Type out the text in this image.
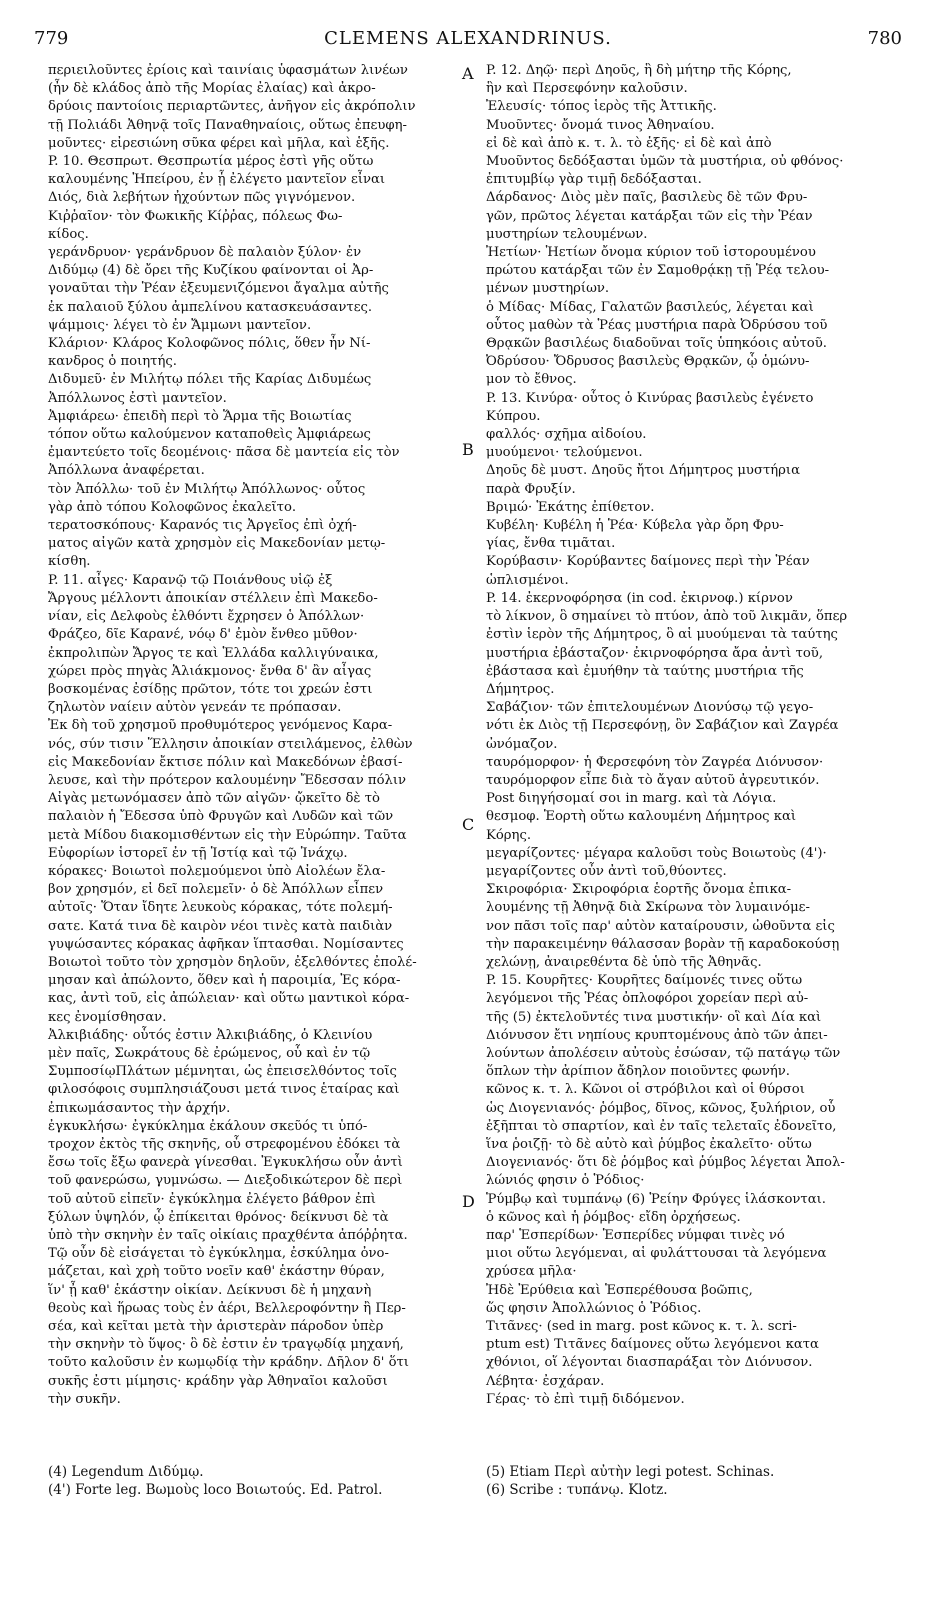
779	CLEMENS ALEXANDRINUS.	780

περιειλοῦντες ἐρίοις καὶ ταινίαις ὑφασμάτων λινέων

(ἦν δὲ κλάδος ἀπὸ τῆς Μορίας ἐλαίας) καὶ ἀκρο-

δρύοις παντοίοις περιαρτῶντες, ἀνῆγον εἰς ἀκρόπολιν

τῇ Πολιάδι Ἀθηνᾷ τοῖς Παναθηναίοις, οὕτως ἐπευφη-

μοῦντες· εἰρεσιώνη σῦκα φέρει καὶ μῆλα, καὶ ἑξῆς.

P. 10. Θεσπρωτ. Θεσπρωτία μέρος ἐστὶ γῆς οὕτω

καλουμένης Ἠπείρου, ἐν ᾗ ἐλέγετο μαντεῖον εἶναι

Διός, διὰ λεβήτων ἠχούντων πῶς γιγνόμενον.

Κιῤῥαῖον· τὸν Φωκικῆς Κίῤῥας, πόλεως Φω-

κίδος.

γεράνδρυον· γεράνδρυον δὲ παλαιὸν ξύλον· ἐν

Διδύμῳ (4) δὲ ὄρει τῆς Κυζίκου φαίνονται οἱ Ἀρ-

γοναῦται τὴν Ῥέαν ἐξευμενιζόμενοι ἄγαλμα αὐτῆς

ἐκ παλαιοῦ ξύλου ἀμπελίνου κατασκευάσαντες.

ψάμμοις· λέγει τὸ ἐν Ἄμμωνι μαντεῖον.

Κλάριον· Κλάρος Κολοφῶνος πόλις, ὅθεν ἦν Νί-

κανδρος ὁ ποιητής.

Διδυμεῦ· ἐν Μιλήτῳ πόλει τῆς Καρίας Διδυμέως

Ἀπόλλωνος ἐστὶ μαντεῖον.

Ἀμφιάρεω· ἐπειδὴ περὶ τὸ Ἅρμα τῆς Βοιωτίας

τόπον οὕτω καλούμενον καταποθεὶς Ἀμφιάρεως

ἐμαντεύετο τοῖς δεομένοις· πᾶσα δὲ μαντεία εἰς τὸν

Ἀπόλλωνα ἀναφέρεται.

τὸν Ἀπόλλω· τοῦ ἐν Μιλήτῳ Ἀπόλλωνος· οὗτος

γὰρ ἀπὸ τόπου Κολοφῶνος ἐκαλεῖτο.

τερατοσκόπους· Καρανός τις Ἀργεῖος ἐπὶ ὀχή-

ματος αἰγῶν κατὰ χρησμὸν εἰς Μακεδονίαν μετῳ-

κίσθη.

P. 11. αἶγες· Καρανῷ τῷ Ποιάνθους υἱῷ ἐξ

Ἄργους μέλλοντι ἀποικίαν στέλλειν ἐπὶ Μακεδο-

νίαν, εἰς Δελφοὺς ἐλθόντι ἔχρησεν ὁ Ἀπόλλων·

Φράζεο, δῖε Καρανέ, νόῳ δ' ἐμὸν ἔνθεο μῦθον·

ἐκπρολιπὼν Ἄργος τε καὶ Ἑλλάδα καλλιγύναικα,

χώρει πρὸς πηγὰς Ἁλιάκμονος· ἔνθα δ' ἂν αἶγας

βοσκομένας ἐσίδῃς πρῶτον, τότε τοι χρεών ἐστι

ζηλωτὸν ναίειν αὐτὸν γενεάν τε πρόπασαν.

Ἐκ δὴ τοῦ χρησμοῦ προθυμότερος γενόμενος Καρα-

νός, σύν τισιν Ἕλλησιν ἀποικίαν στειλάμενος, ἐλθὼν

εἰς Μακεδονίαν ἔκτισε πόλιν καὶ Μακεδόνων ἐβασί-

λευσε, καὶ τὴν πρότερον καλουμένην Ἔδεσσαν πόλιν

Αἰγὰς μετωνόμασεν ἀπὸ τῶν αἰγῶν· ᾤκεῖτο δὲ τὸ

παλαιὸν ἡ Ἔδεσσα ὑπὸ Φρυγῶν καὶ Λυδῶν καὶ τῶν

μετὰ Μίδου διακομισθέντων εἰς τὴν Εὐρώπην. Ταῦτα

Εὐφορίων ἱστορεῖ ἐν τῇ Ἱστίᾳ καὶ τῷ Ἰνάχῳ.

κόρακες· Βοιωτοὶ πολεμούμενοι ὑπὸ Αἰολέων ἔλα-

βον χρησμόν, εἰ δεῖ πολεμεῖν· ὁ δὲ Ἀπόλλων εἶπεν

αὐτοῖς· Ὅταν ἴδητε λευκοὺς κόρακας, τότε πολεμή-

σατε. Κατά τινα δὲ καιρὸν νέοι τινὲς κατὰ παιδιὰν

γυψώσαντες κόρακας ἀφῆκαν ἵπτασθαι. Νομίσαντες

Βοιωτοὶ τοῦτο τὸν χρησμὸν δηλοῦν, ἐξελθόντες ἐπολέ-

μησαν καὶ ἀπώλοντο, ὅθεν καὶ ἡ παροιμία, Ἐς κόρα-

κας, ἀντὶ τοῦ, εἰς ἀπώλειαν· καὶ οὕτω μαντικοὶ κόρα-

κες ἐνομίσθησαν.

Ἀλκιβιάδης· οὗτός ἐστιν Ἀλκιβιάδης, ὁ Κλεινίου

μὲν παῖς, Σωκράτους δὲ ἐρώμενος, οὗ καὶ ἐν τῷ

ΣυμποσίῳΠλάτων μέμνηται, ὡς ἐπεισελθόντος τοῖς

φιλοσόφοις συμπλησιάζουσι μετά τινος ἑταίρας καὶ

ἐπικωμάσαντος τὴν ἀρχήν.

ἐγκυκλήσω· ἐγκύκλημα ἐκάλουν σκεῦός τι ὑπό-

τροχον ἐκτὸς τῆς σκηνῆς, οὗ στρεφομένου ἐδόκει τὰ

ἔσω τοῖς ἔξω φανερὰ γίνεσθαι. Ἐγκυκλήσω οὖν ἀντὶ

τοῦ φανερώσω, γυμνώσω. — Διεξοδικώτερον δὲ περὶ

τοῦ αὐτοῦ εἰπεῖν· ἐγκύκλημα ἐλέγετο βάθρον ἐπὶ

ξύλων ὑψηλόν, ᾧ ἐπίκειται θρόνος· δείκνυσι δὲ τὰ

ὑπὸ τὴν σκηνὴν ἐν ταῖς οἰκίαις πραχθέντα ἀπόῤῥητα.

Τῷ οὖν δὲ εἰσάγεται τὸ ἐγκύκλημα, ἐσκύλημα ὀνο-

μάζεται, καὶ χρὴ τοῦτο νοεῖν καθ' ἑκάστην θύραν,

ἵν' ᾖ καθ' ἑκάστην οἰκίαν. Δείκνυσι δὲ ἡ μηχανὴ

θεοὺς καὶ ἥρωας τοὺς ἐν ἀέρι, Βελλεροφόντην ἢ Περ-

σέα, καὶ κεῖται μετὰ τὴν ἀριστερὰν πάροδον ὑπὲρ

τὴν σκηνὴν τὸ ὕψος· ὃ δὲ ἐστιν ἐν τραγῳδίᾳ μηχανή,

τοῦτο καλοῦσιν ἐν κωμῳδίᾳ τὴν κράδην. Δῆλον δ' ὅτι

συκῆς ἐστι μίμησις· κράδην γὰρ Ἀθηναῖοι καλοῦσι

τὴν συκῆν.

P. 12. Δηῷ· περὶ Δηοῦς, ἣ δὴ μήτηρ τῆς Κόρης,

ἣν καὶ Περσεφόνην καλοῦσιν.

Ἐλευσίς· τόπος ἱερὸς τῆς Ἀττικῆς.

Μυοῦντες· ὄνομά τινος Ἀθηναίου.

εἰ δὲ καὶ ἀπὸ κ. τ. λ. τὸ ἑξῆς· εἰ δὲ καὶ ἀπὸ

Μυοῦντος δεδόξασται ὑμῶν τὰ μυστήρια, οὐ φθόνος·

ἐπιτυμβίῳ γὰρ τιμῇ δεδόξασται.

Δάρδανος· Διὸς μὲν παῖς, βασιλεὺς δὲ τῶν Φρυ-

γῶν, πρῶτος λέγεται κατάρξαι τῶν εἰς τὴν Ῥέαν

μυστηρίων τελουμένων.

Ἠετίων· Ἠετίων ὄνομα κύριον τοῦ ἱστορουμένου

πρώτου κατάρξαι τῶν ἐν Σαμοθρᾴκῃ τῇ Ῥέᾳ τελου-

μένων μυστηρίων.

ὁ Μίδας· Μίδας, Γαλατῶν βασιλεύς, λέγεται καὶ

οὗτος μαθὼν τὰ Ῥέας μυστήρια παρὰ Ὀδρύσου τοῦ

Θρᾳκῶν βασιλέως διαδοῦναι τοῖς ὑπηκόοις αὐτοῦ.

Ὀδρύσου· Ὄδρυσος βασιλεὺς Θρᾳκῶν, ᾧ ὁμώνυ-

μον τὸ ἔθνος.

P. 13. Κινύρα· οὗτος ὁ Κινύρας βασιλεὺς ἐγένετο

Κύπρου.

φαλλός· σχῆμα αἰδοίου.

μυούμενοι· τελούμενοι.

Δηοῦς δὲ μυστ. Δηοῦς ἤτοι Δήμητρος μυστήρια

παρὰ Φρυξίν.

Βριμώ· Ἑκάτης ἐπίθετον.

Κυβέλη· Κυβέλη ἡ Ῥέα· Κύβελα γὰρ ὄρη Φρυ-

γίας, ἔνθα τιμᾶται.

Κορύβασιν· Κορύβαντες δαίμονες περὶ τὴν Ῥέαν

ὡπλισμένοι.

P. 14. ἐκερνοφόρησα (in cod. ἐκιρνοφ.) κίρνον

τὸ λίκνον, ὃ σημαίνει τὸ πτύον, ἀπὸ τοῦ λικμᾶν, ὅπερ

ἐστὶν ἱερὸν τῆς Δήμητρος, ὃ αἱ μυούμεναι τὰ ταύτης

μυστήρια ἐβάσταζον· ἐκιρνοφόρησα ἄρα ἀντὶ τοῦ,

ἐβάστασα καὶ ἐμυήθην τὰ ταύτης μυστήρια τῆς

Δήμητρος.

Σαβάζιον· τῶν ἐπιτελουμένων Διονύσῳ τῷ γεγο-

νότι ἐκ Διὸς τῇ Περσεφόνῃ, ὃν Σαβάζιον καὶ Ζαγρέα

ὠνόμαζον.

ταυρόμορφον· ἡ Φερσεφόνη τὸν Ζαγρέα Διόνυσον·

ταυρόμορφον εἶπε διὰ τὸ ἄγαν αὐτοῦ ἀγρευτικόν.

Post διηγήσομαί σοι in marg. καὶ τὰ Λόγια.

θεσμοφ. Ἑορτὴ οὕτω καλουμένη Δήμητρος καὶ

Κόρης.

μεγαρίζοντες· μέγαρα καλοῦσι τοὺς Βοιωτοὺς (4')·

μεγαρίζοντες οὖν ἀντὶ τοῦ,θύοντες.

Σκιροφόρια· Σκιροφόρια ἑορτῆς ὄνομα ἐπικα-

λουμένης τῇ Ἀθηνᾷ διὰ Σκίρωνα τὸν λυμαινόμε-

νον πᾶσι τοῖς παρ' αὐτὸν καταίρουσιν, ὠθοῦντα εἰς

τὴν παρακειμένην θάλασσαν βορὰν τῇ καραδοκούσῃ

χελώνῃ, ἀναιρεθέντα δὲ ὑπὸ τῆς Ἀθηνᾶς.

P. 15. Κουρῆτες· Κουρῆτες δαίμονές τινες οὕτω

λεγόμενοι τῆς Ῥέας ὀπλοφόροι χορείαν περὶ αὐ-

τῆς (5) ἐκτελοῦντές τινα μυστικήν· οἳ καὶ Δία καὶ

Διόνυσον ἔτι νηπίους κρυπτομένους ἀπὸ τῶν ἀπει-

λούντων ἀπολέσειν αὐτοὺς ἐσώσαν, τῷ πατάγῳ τῶν

ὅπλων τὴν ἀρίπιον ἄδηλον ποιοῦντες φωνήν.

κῶνος κ. τ. λ. Κῶνοι οἱ στρόβιλοι καὶ οἱ θύρσοι

ὡς Διογενιανός· ῥόμβος, δῖνος, κῶνος, ξυλήριον, οὗ

ἐξῆπται τὸ σπαρτίον, καὶ ἐν ταῖς τελεταῖς ἐδονεῖτο,

ἵνα ῥοιζῇ· τὸ δὲ αὐτὸ καὶ ῥύμβος ἐκαλεῖτο· οὕτω

Διογενιανός· ὅτι δὲ ῥόμβος καὶ ῥύμβος λέγεται Ἀπολ-

λώνιός φησιν ὁ Ῥόδιος·

Ῥύμβῳ καὶ τυμπάνῳ (6) Ῥείην Φρύγες ἱλάσκονται.

ὁ κῶνος καὶ ἡ ῥόμβος· εἴδη ὀρχήσεως.

παρ' Ἑσπερίδων· Ἑσπερίδες νύμφαι τινὲς νό

μιοι οὕτω λεγόμεναι, αἱ φυλάττουσαι τὰ λεγόμενα

χρύσεα μῆλα·

Ἠδὲ Ἐρύθεια καὶ Ἑσπερέθουσα βοῶπις,

ὥς φησιν Ἀπολλώνιος ὁ Ῥόδιος.

Τιτᾶνες· (sed in marg. post κῶνος κ. τ. λ. scri-

ptum est) Τιτᾶνες δαίμονες οὕτω λεγόμενοι κατα

χθόνιοι, οἵ λέγονται διασπαράξαι τὸν Διόνυσον.

Λέβητα· ἐσχάραν.

Γέρας· τὸ ἐπὶ τιμῇ διδόμενον.

A
B
C
D

(4) Legendum Διδύμῳ.

(4') Forte leg. Βωμοὺς loco Βοιωτούς. Ed. Patrol.

(5) Etiam Περὶ αὐτὴν legi potest. Schinas.

(6) Scribe : τυπάνῳ. Klotz.
